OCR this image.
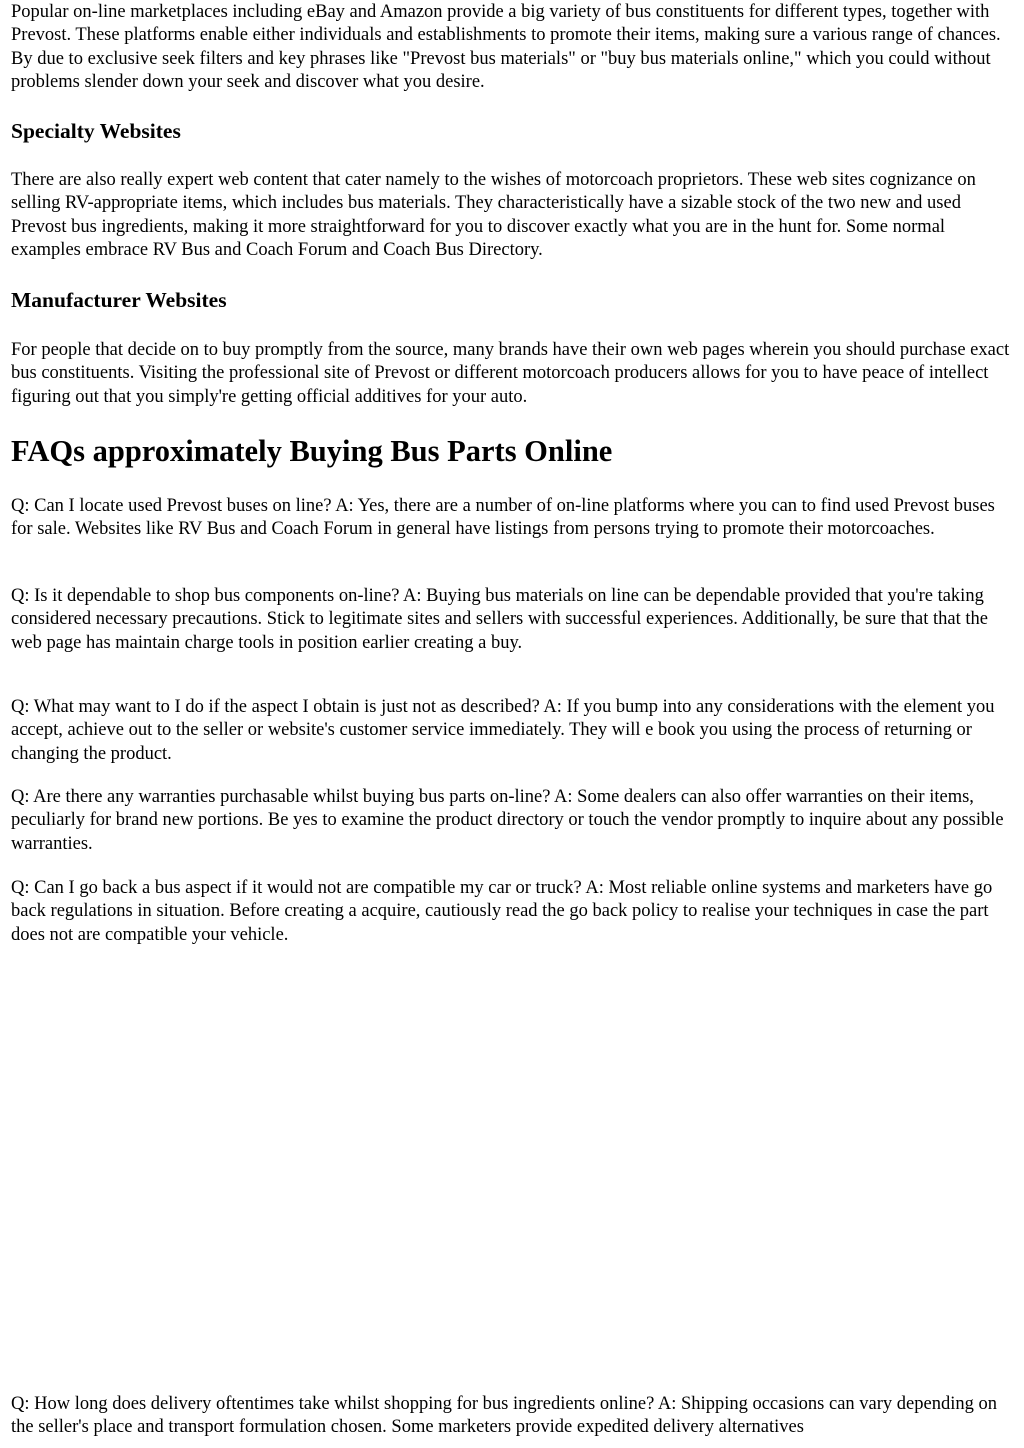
Popular on-line marketplaces including eBay and Amazon provide a big variety of bus constituents for different types, together with Prevost. These platforms enable either individuals and establishments to promote their items, making sure a various range of chances. By due to exclusive seek filters and key phrases like "Prevost bus materials" or "buy bus materials online," which you could without problems slender down your seek and discover what you desire.

Specialty Websites

There are also really expert web content that cater namely to the wishes of motorcoach proprietors. These web sites cognizance on selling RV-appropriate items, which includes bus materials. They characteristically have a sizable stock of the two new and used Prevost bus ingredients, making it more straightforward for you to discover exactly what you are in the hunt for. Some normal examples embrace RV Bus and Coach Forum and Coach Bus Directory.

Manufacturer Websites

For people that decide on to buy promptly from the source, many brands have their own web pages wherein you should purchase exact bus constituents. Visiting the professional site of Prevost or different motorcoach producers allows for you to have peace of intellect figuring out that you simply're getting official additives for your auto.

FAQs approximately Buying Bus Parts Online

Q: Can I locate used Prevost buses on line? A: Yes, there are a number of on-line platforms where you can to find used Prevost buses for sale. Websites like RV Bus and Coach Forum in general have listings from persons trying to promote their motorcoaches.

Q: Is it dependable to shop bus components on-line? A: Buying bus materials on line can be dependable provided that you're taking considered necessary precautions. Stick to legitimate sites and sellers with successful experiences. Additionally, be sure that that the web page has maintain charge tools in position earlier creating a buy.

Q: What may want to I do if the aspect I obtain is just not as described? A: If you bump into any considerations with the element you accept, achieve out to the seller or website's customer service immediately. They will e book you using the process of returning or changing the product.

Q: Are there any warranties purchasable whilst buying bus parts on-line? A: Some dealers can also offer warranties on their items, peculiarly for brand new portions. Be yes to examine the product directory or touch the vendor promptly to inquire about any possible warranties.

Q: Can I go back a bus aspect if it would not are compatible my car or truck? A: Most reliable online systems and marketers have go back regulations in situation. Before creating a acquire, cautiously read the go back policy to realise your techniques in case the part does not are compatible your vehicle.

Q: How long does delivery oftentimes take whilst shopping for bus ingredients online? A: Shipping occasions can vary depending on the seller's place and transport formulation chosen. Some marketers provide expedited delivery alternatives
